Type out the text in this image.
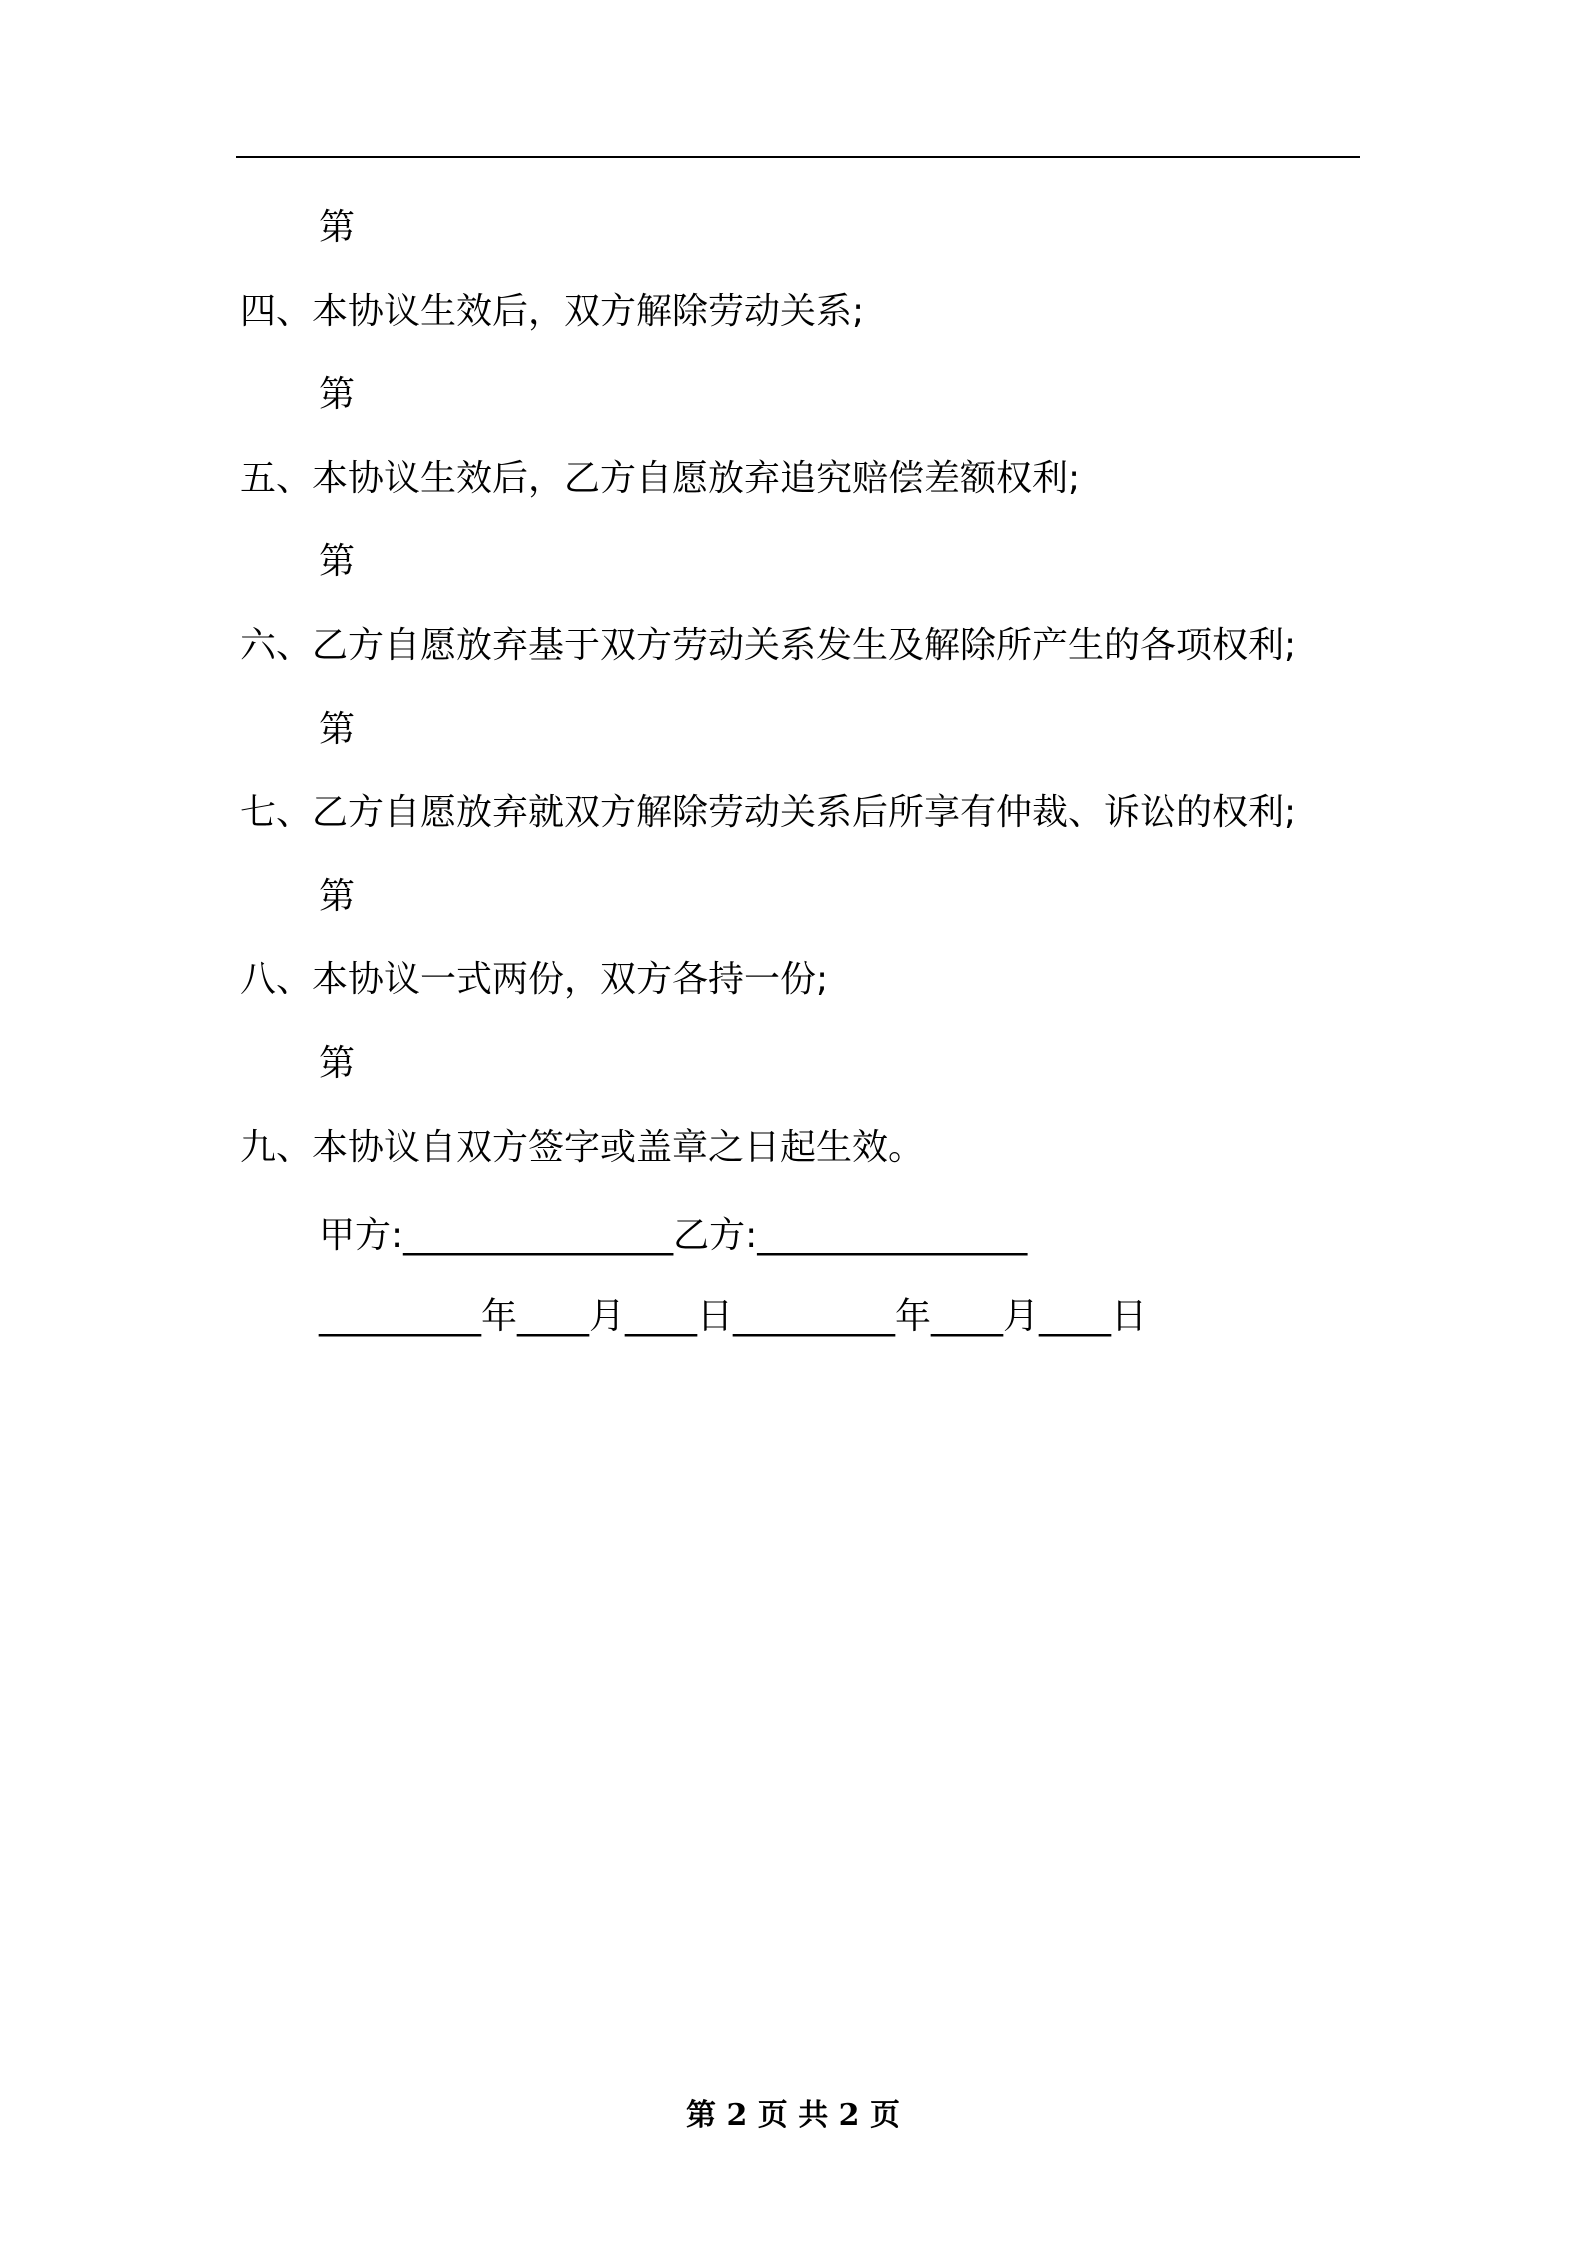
第
四、本协议生效后，双方解除劳动关系;
第
五、本协议生效后，乙方自愿放弃追究赔偿差额权利;
第
六、乙方自愿放弃基于双方劳动关系发生及解除所产生的各项权利;
第
七、乙方自愿放弃就双方解除劳动关系后所享有仲裁、诉讼的权利;
第
八、本协议一式两份，双方各持一份;
第
九、本协议自双方签字或盖章之日起生效。
甲方:_______________乙方:_______________
_________年____月____日_________年____月____日
第 2 页 共 2 页
